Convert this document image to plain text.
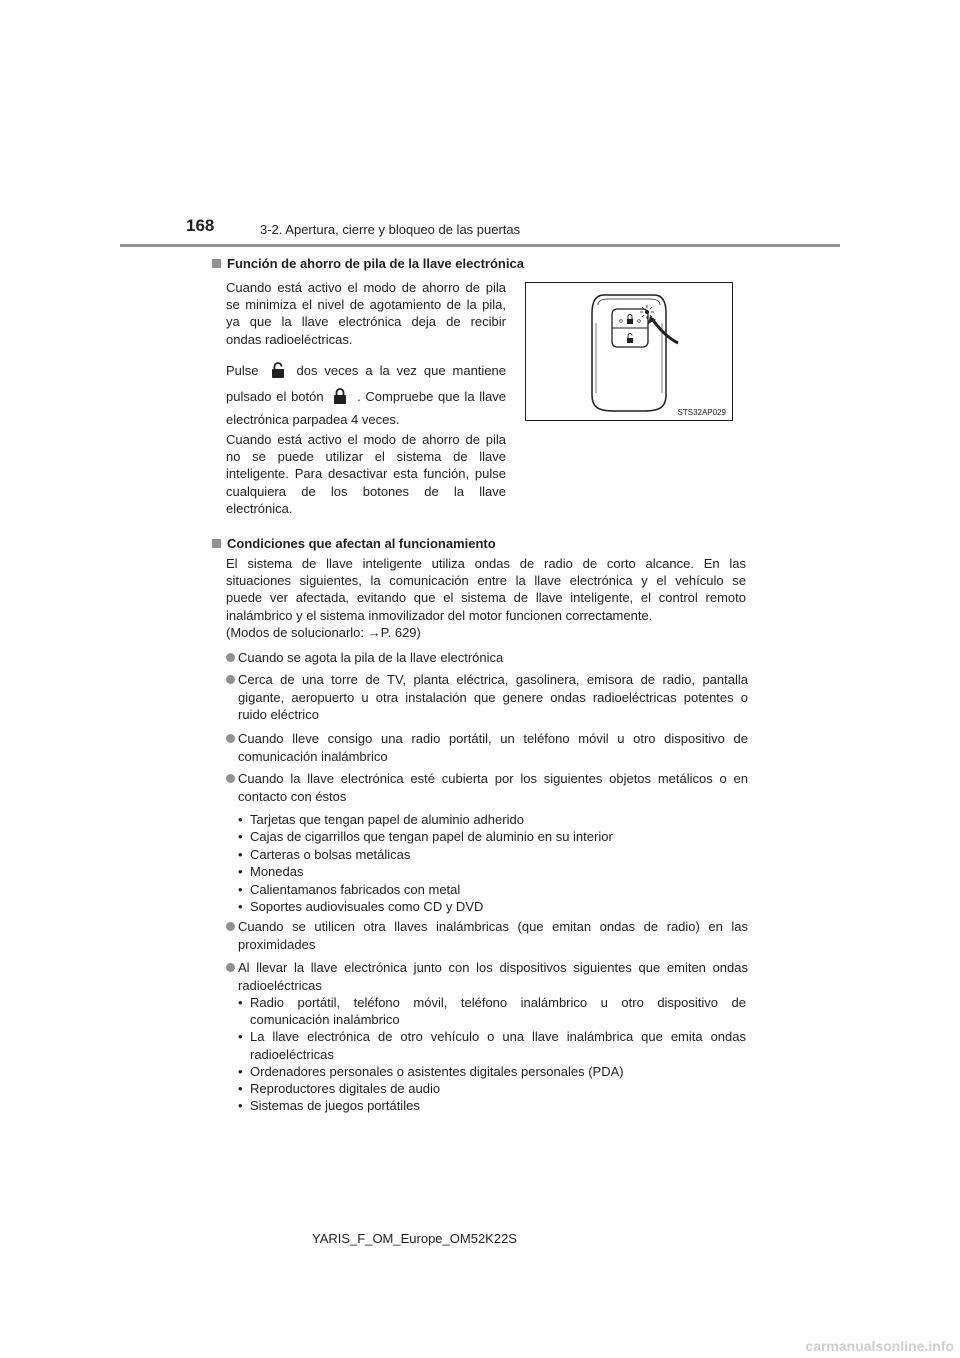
168	3-2. Apertura, cierre y bloqueo de las puertas
Función de ahorro de pila de la llave electrónica
Cuando está activo el modo de ahorro de pila
se minimiza el nivel de agotamiento de la pila,
ya que la llave electrónica deja de recibir
ondas radioeléctricas.
Pulse	dos veces a la vez que mantiene
pulsado el botón	. Compruebe que la llave
electrónica parpadea 4 veces.
Cuando está activo el modo de ahorro de pila
no se puede utilizar el sistema de llave
inteligente. Para desactivar esta función, pulse
cualquiera de los botones de la llave
electrónica.
STS32AP029
Condiciones que afectan al funcionamiento
El sistema de llave inteligente utiliza ondas de radio de corto alcance. En las
situaciones siguientes, la comunicación entre la llave electrónica y el vehículo se
puede ver afectada, evitando que el sistema de llave inteligente, el control remoto
inalámbrico y el sistema inmovilizador del motor funcionen correctamente.
(Modos de solucionarlo: →P. 629)
Cuando se agota la pila de la llave electrónica
Cerca de una torre de TV, planta eléctrica, gasolinera, emisora de radio, pantalla
gigante, aeropuerto u otra instalación que genere ondas radioeléctricas potentes o
ruido eléctrico
Cuando lleve consigo una radio portátil, un teléfono móvil u otro dispositivo de
comunicación inalámbrico
Cuando la llave electrónica esté cubierta por los siguientes objetos metálicos o en
contacto con éstos
• Tarjetas que tengan papel de aluminio adherido
• Cajas de cigarrillos que tengan papel de aluminio en su interior
• Carteras o bolsas metálicas
• Monedas
• Calientamanos fabricados con metal
• Soportes audiovisuales como CD y DVD
Cuando se utilicen otra llaves inalámbricas (que emitan ondas de radio) en las
proximidades
Al llevar la llave electrónica junto con los dispositivos siguientes que emiten ondas
radioeléctricas
• Radio portátil, teléfono móvil, teléfono inalámbrico u otro dispositivo de
comunicación inalámbrico
• La llave electrónica de otro vehículo o una llave inalámbrica que emita ondas
radioeléctricas
• Ordenadores personales o asistentes digitales personales (PDA)
• Reproductores digitales de audio
• Sistemas de juegos portátiles
YARIS_F_OM_Europe_OM52K22S
carmanualsonline.info
